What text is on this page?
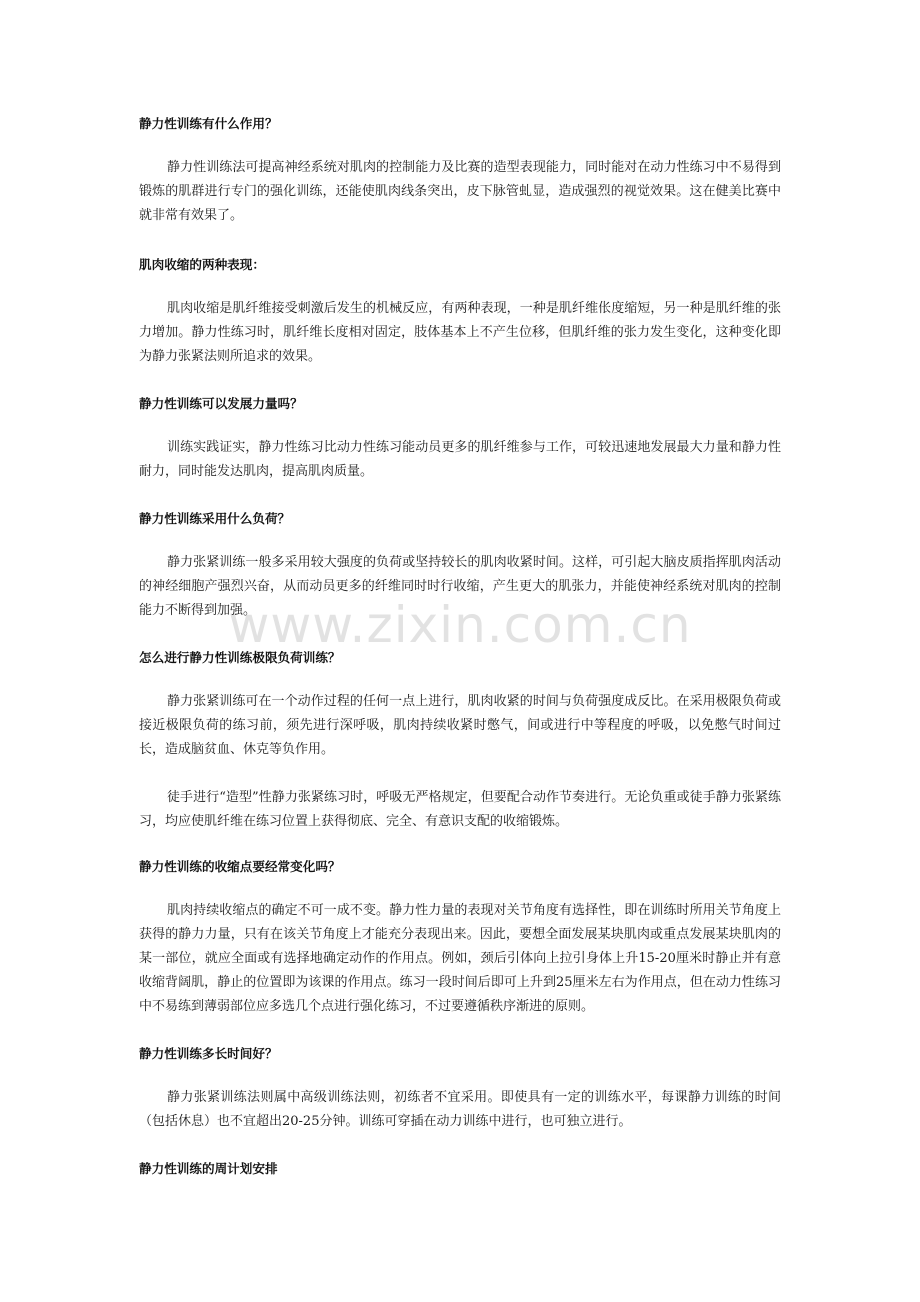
静力性训练有什么作用？

静力性训练法可提高神经系统对肌肉的控制能力及比赛的造型表现能力，同时能对在动力性练习中不易得到锻炼的肌群进行专门的强化训练，还能使肌肉线条突出，皮下脉管虬显，造成强烈的视觉效果。这在健美比赛中就非常有效果了。

肌肉收缩的两种表现：

肌肉收缩是肌纤维接受刺激后发生的机械反应，有两种表现，一种是肌纤维伥度缩短，另一种是肌纤维的张力增加。静力性练习时，肌纤维长度相对固定，肢体基本上不产生位移，但肌纤维的张力发生变化，这种变化即为静力张紧法则所追求的效果。

静力性训练可以发展力量吗？

训练实践证实，静力性练习比动力性练习能动员更多的肌纤维参与工作，可较迅速地发展最大力量和静力性耐力，同时能发达肌肉，提高肌肉质量。

静力性训练采用什么负荷？

静力张紧训练一般多采用较大强度的负荷或坚持较长的肌肉收紧时间。这样，可引起大脑皮质指挥肌肉活动的神经细胞产强烈兴奋，从而动员更多的纤维同时时行收缩，产生更大的肌张力，并能使神经系统对肌肉的控制能力不断得到加强。

怎么进行静力性训练极限负荷训练？

静力张紧训练可在一个动作过程的任何一点上进行，肌肉收紧的时间与负荷强度成反比。在采用极限负荷或接近极限负荷的练习前，须先进行深呼吸，肌肉持续收紧时憋气，间或进行中等程度的呼吸，以免憋气时间过长，造成脑贫血、休克等负作用。

徒手进行“造型”性静力张紧练习时，呼吸无严格规定，但要配合动作节奏进行。无论负重或徒手静力张紧练习，均应使肌纤维在练习位置上获得彻底、完全、有意识支配的收缩锻炼。

静力性训练的收缩点要经常变化吗？

肌肉持续收缩点的确定不可一成不变。静力性力量的表现对关节角度有选择性，即在训练时所用关节角度上获得的静力力量，只有在该关节角度上才能充分表现出来。因此，要想全面发展某块肌肉或重点发展某块肌肉的某一部位，就应全面或有选择地确定动作的作用点。例如，颈后引体向上拉引身体上升15-20厘米时静止并有意收缩背阔肌，静止的位置即为该课的作用点。练习一段时间后即可上升到25厘米左右为作用点，但在动力性练习中不易练到薄弱部位应多选几个点进行强化练习，不过要遵循秩序渐进的原则。

静力性训练多长时间好？

静力张紧训练法则属中高级训练法则，初练者不宜采用。即使具有一定的训练水平，每课静力训练的时间（包括休息）也不宜超出20-25分钟。训练可穿插在动力训练中进行，也可独立进行。

静力性训练的周计划安排

www.zixin.com.cn
